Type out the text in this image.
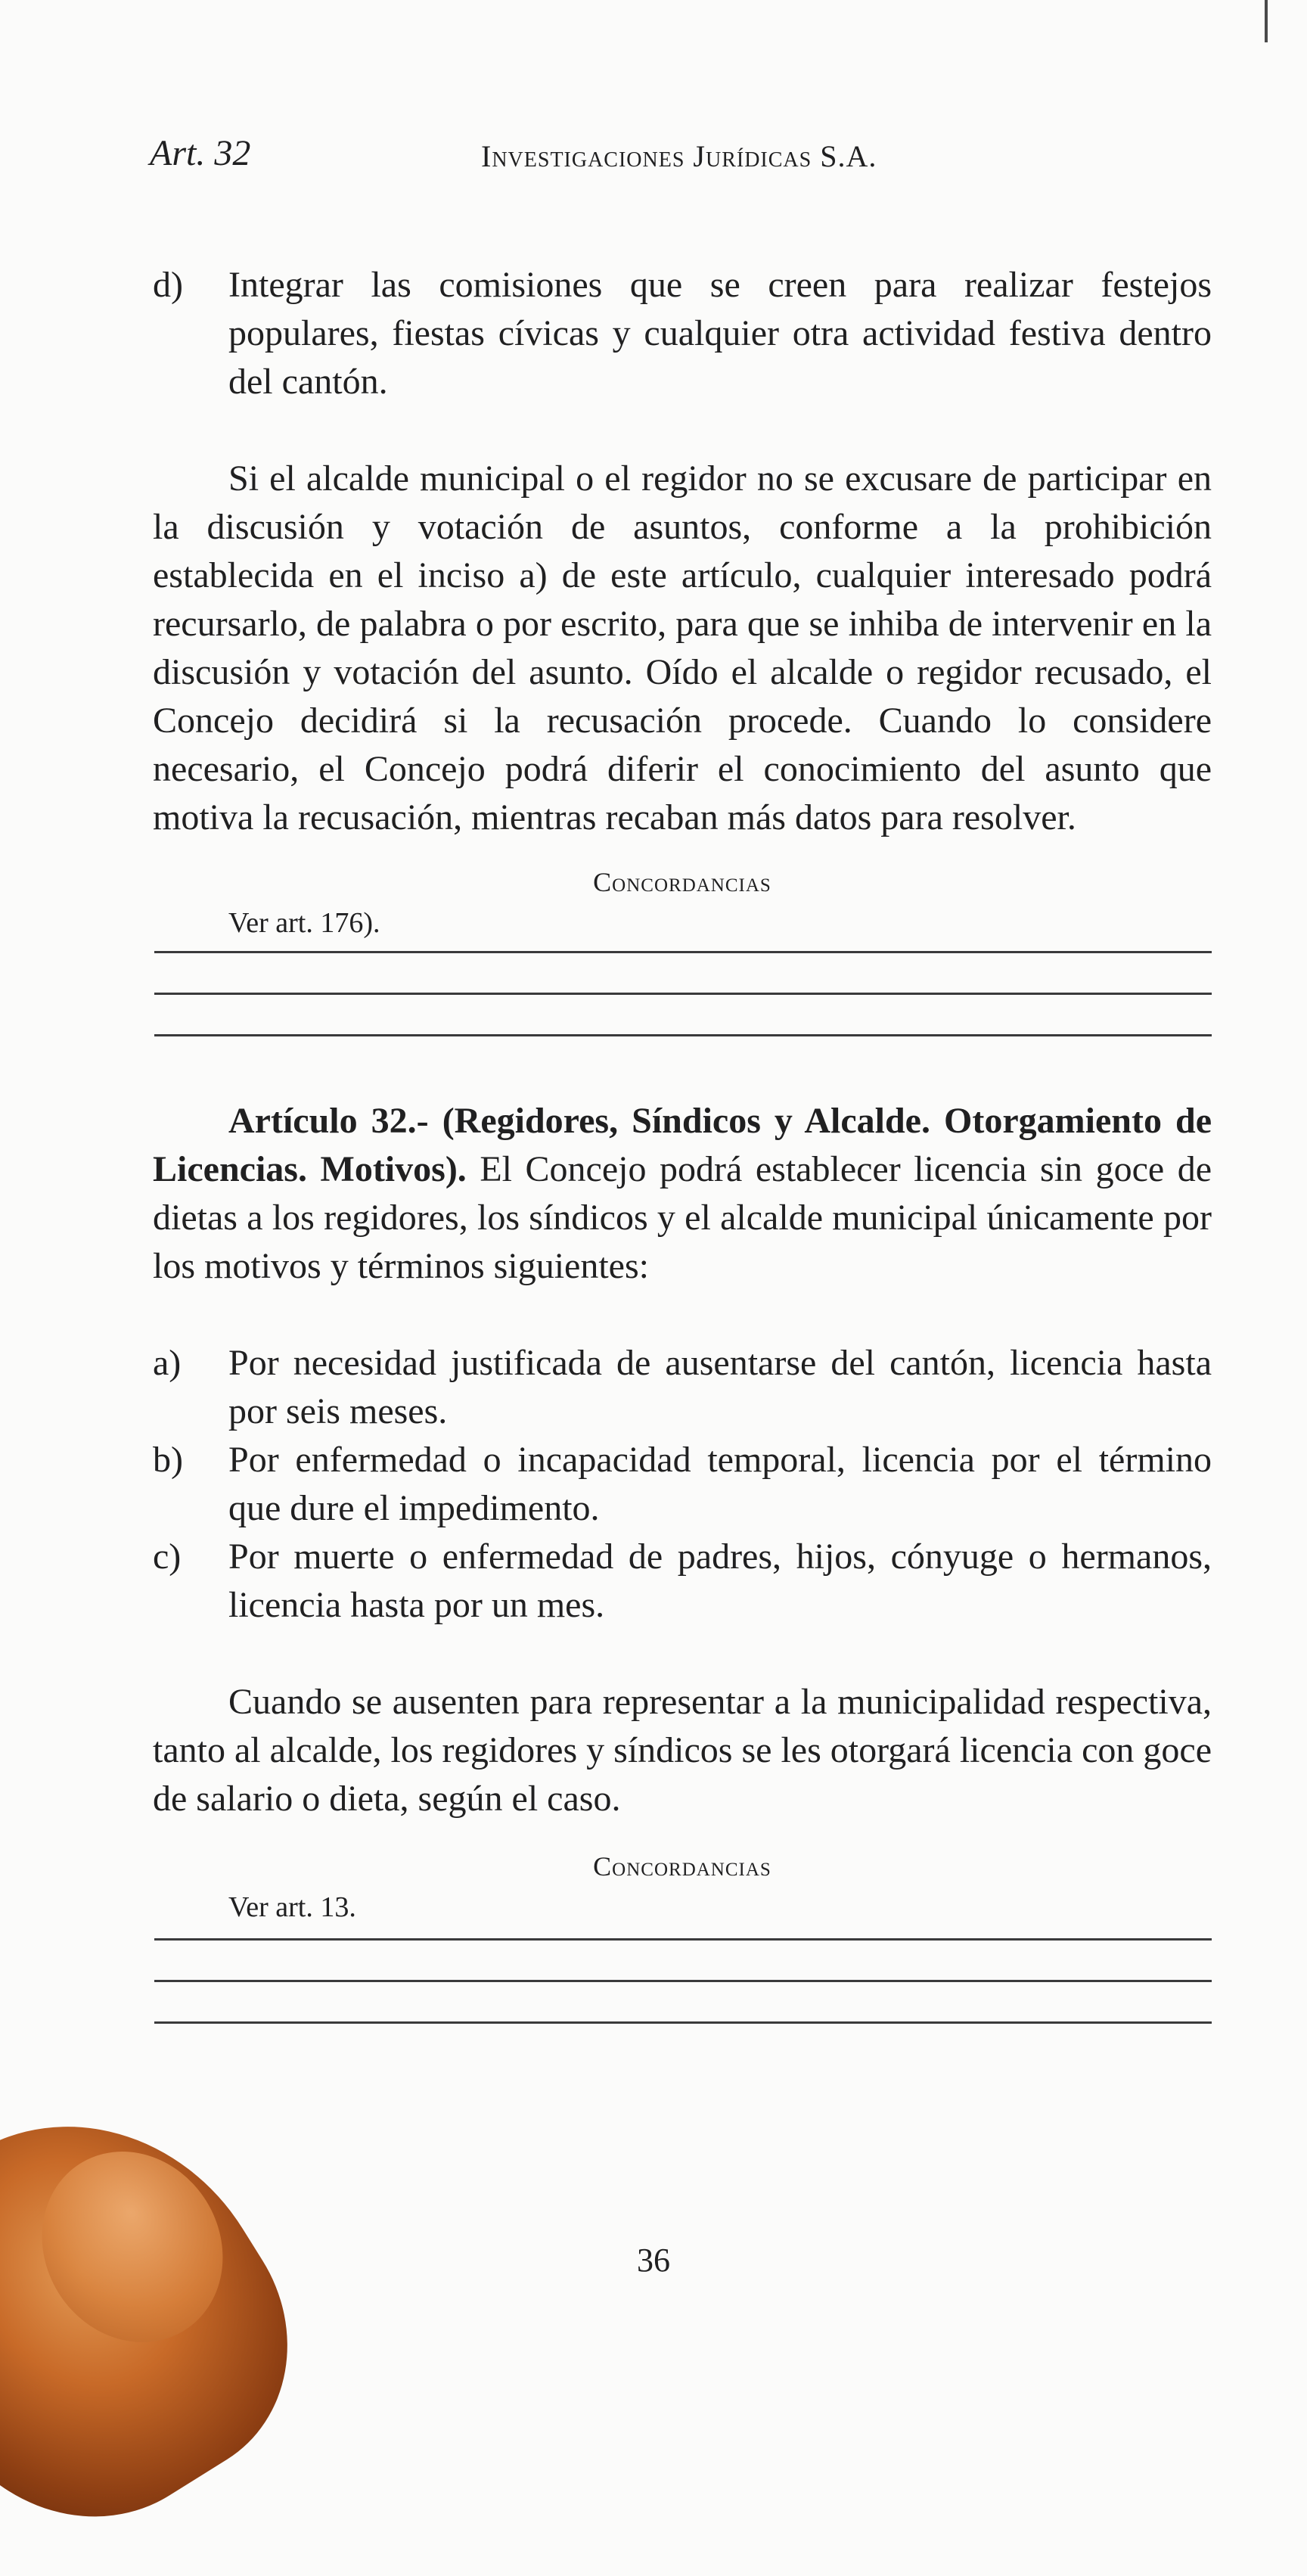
Art. 32	Investigaciones Jurídicas S.A.
d) Integrar las comisiones que se creen para realizar festejos populares, fiestas cívicas y cualquier otra actividad festiva dentro del cantón.

Si el alcalde municipal o el regidor no se excusare de participar en la discusión y votación de asuntos, conforme a la prohibición establecida en el inciso a) de este artículo, cualquier interesado podrá recursarlo, de palabra o por escrito, para que se inhiba de intervenir en la discusión y votación del asunto. Oído el alcalde o regidor recusado, el Concejo decidirá si la recusación procede. Cuando lo considere necesario, el Concejo podrá diferir el conocimiento del asunto que motiva la recusación, mientras recaban más datos para resolver.

Concordancias
Ver art. 176).

Artículo 32.- (Regidores, Síndicos y Alcalde. Otorgamiento de Licencias. Motivos). El Concejo podrá establecer licencia sin goce de dietas a los regidores, los síndicos y el alcalde municipal únicamente por los motivos y términos siguientes:

a) Por necesidad justificada de ausentarse del cantón, licencia hasta por seis meses.
b) Por enfermedad o incapacidad temporal, licencia por el término que dure el impedimento.
c) Por muerte o enfermedad de padres, hijos, cónyuge o hermanos, licencia hasta por un mes.

Cuando se ausenten para representar a la municipalidad respectiva, tanto al alcalde, los regidores y síndicos se les otorgará licencia con goce de salario o dieta, según el caso.

Concordancias
Ver art. 13.
36
